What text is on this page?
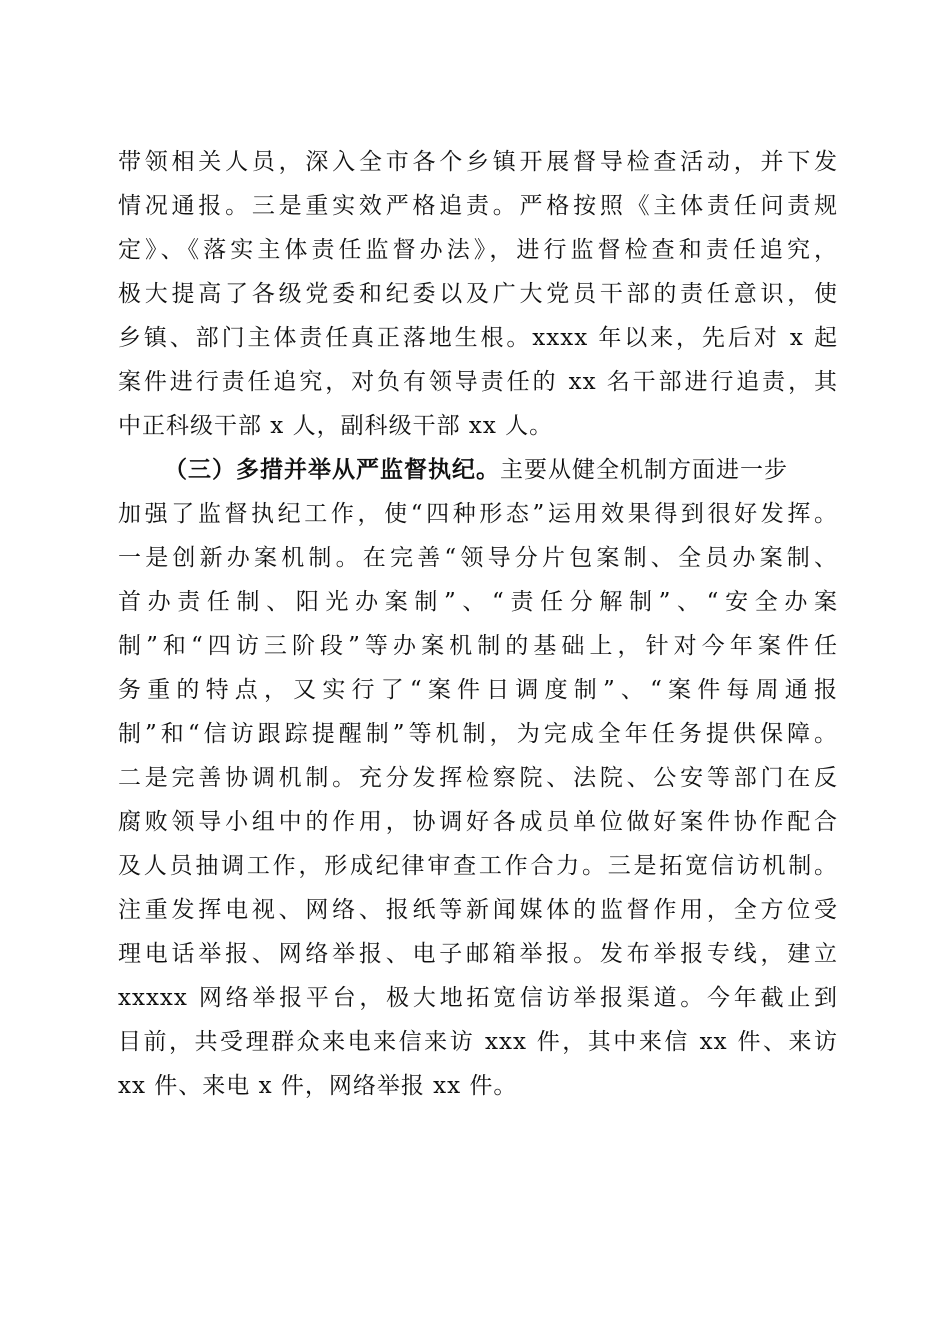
带领相关人员，深入全市各个乡镇开展督导检查活动，并下发
情况通报。三是重实效严格追责。严格按照《主体责任问责规
定》、《落实主体责任监督办法》，进行监督检查和责任追究，
极大提高了各级党委和纪委以及广大党员干部的责任意识，使
乡镇、部门主体责任真正落地生根。xxxx 年以来，先后对 x 起
案件进行责任追究，对负有领导责任的 xx 名干部进行追责，其
中正科级干部 x 人，副科级干部 xx 人。
（三）多措并举从严监督执纪。主要从健全机制方面进一步
加强了监督执纪工作，使“四种形态”运用效果得到很好发挥。
一是创新办案机制。在完善“领导分片包案制、全员办案制、
首办责任制、阳光办案制”、“责任分解制”、“安全办案
制”和“四访三阶段”等办案机制的基础上，针对今年案件任
务重的特点，又实行了“案件日调度制”、“案件每周通报
制”和“信访跟踪提醒制”等机制，为完成全年任务提供保障。
二是完善协调机制。充分发挥检察院、法院、公安等部门在反
腐败领导小组中的作用，协调好各成员单位做好案件协作配合
及人员抽调工作，形成纪律审查工作合力。三是拓宽信访机制。
注重发挥电视、网络、报纸等新闻媒体的监督作用，全方位受
理电话举报、网络举报、电子邮箱举报。发布举报专线，建立
xxxxx 网络举报平台，极大地拓宽信访举报渠道。今年截止到
目前，共受理群众来电来信来访 xxx 件，其中来信 xx 件、来访
xx 件、来电 x 件，网络举报 xx 件。
